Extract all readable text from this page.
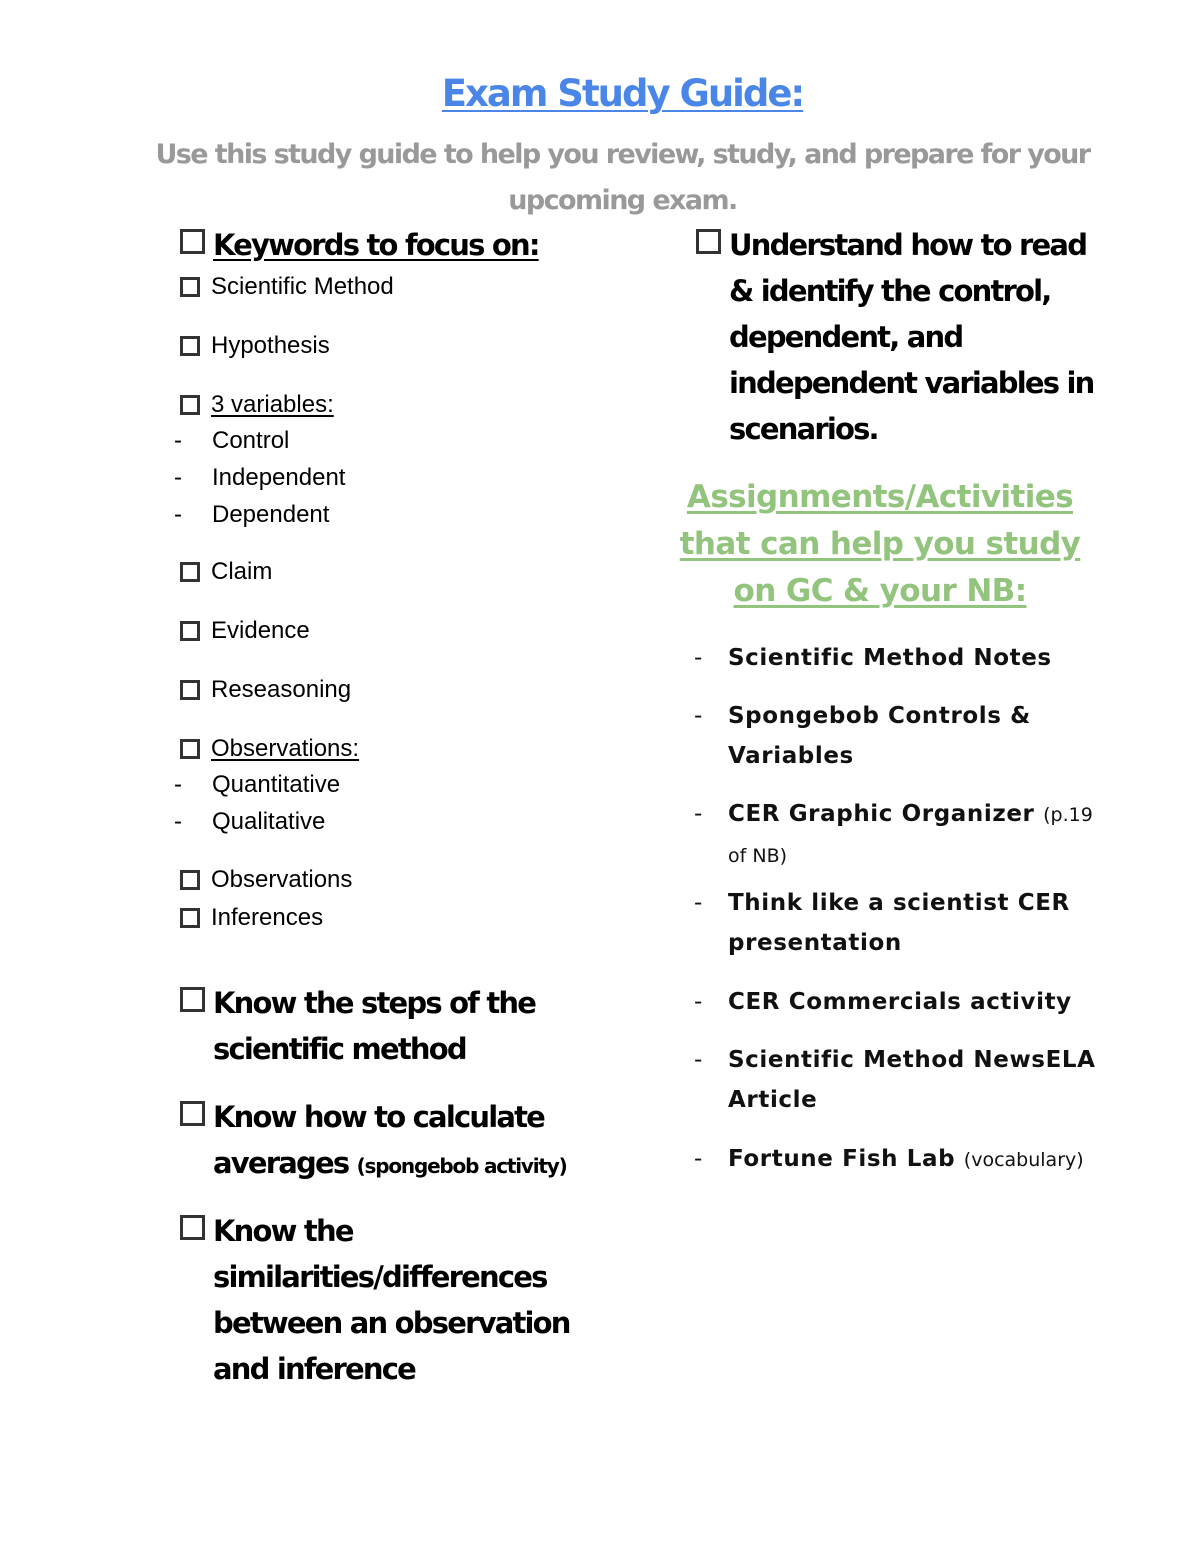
Exam Study Guide:
Use this study guide to help you review, study, and prepare for your upcoming exam.
Keywords to focus on:
Scientific Method
Hypothesis
3 variables:
- Control
- Independent
- Dependent
Claim
Evidence
Reseasoning
Observations:
- Quantitative
- Qualitative
Observations
Inferences
Know the steps of the scientific method
Know how to calculate averages (spongebob activity)
Know the similarities/differences between an observation and inference
Understand how to read & identify the control, dependent, and independent variables in scenarios.
Assignments/Activities that can help you study on GC & your NB:
- Scientific Method Notes
- Spongebob Controls & Variables
- CER Graphic Organizer (p.19 of NB)
- Think like a scientist CER presentation
- CER Commercials activity
- Scientific Method NewsELA Article
- Fortune Fish Lab (vocabulary)
